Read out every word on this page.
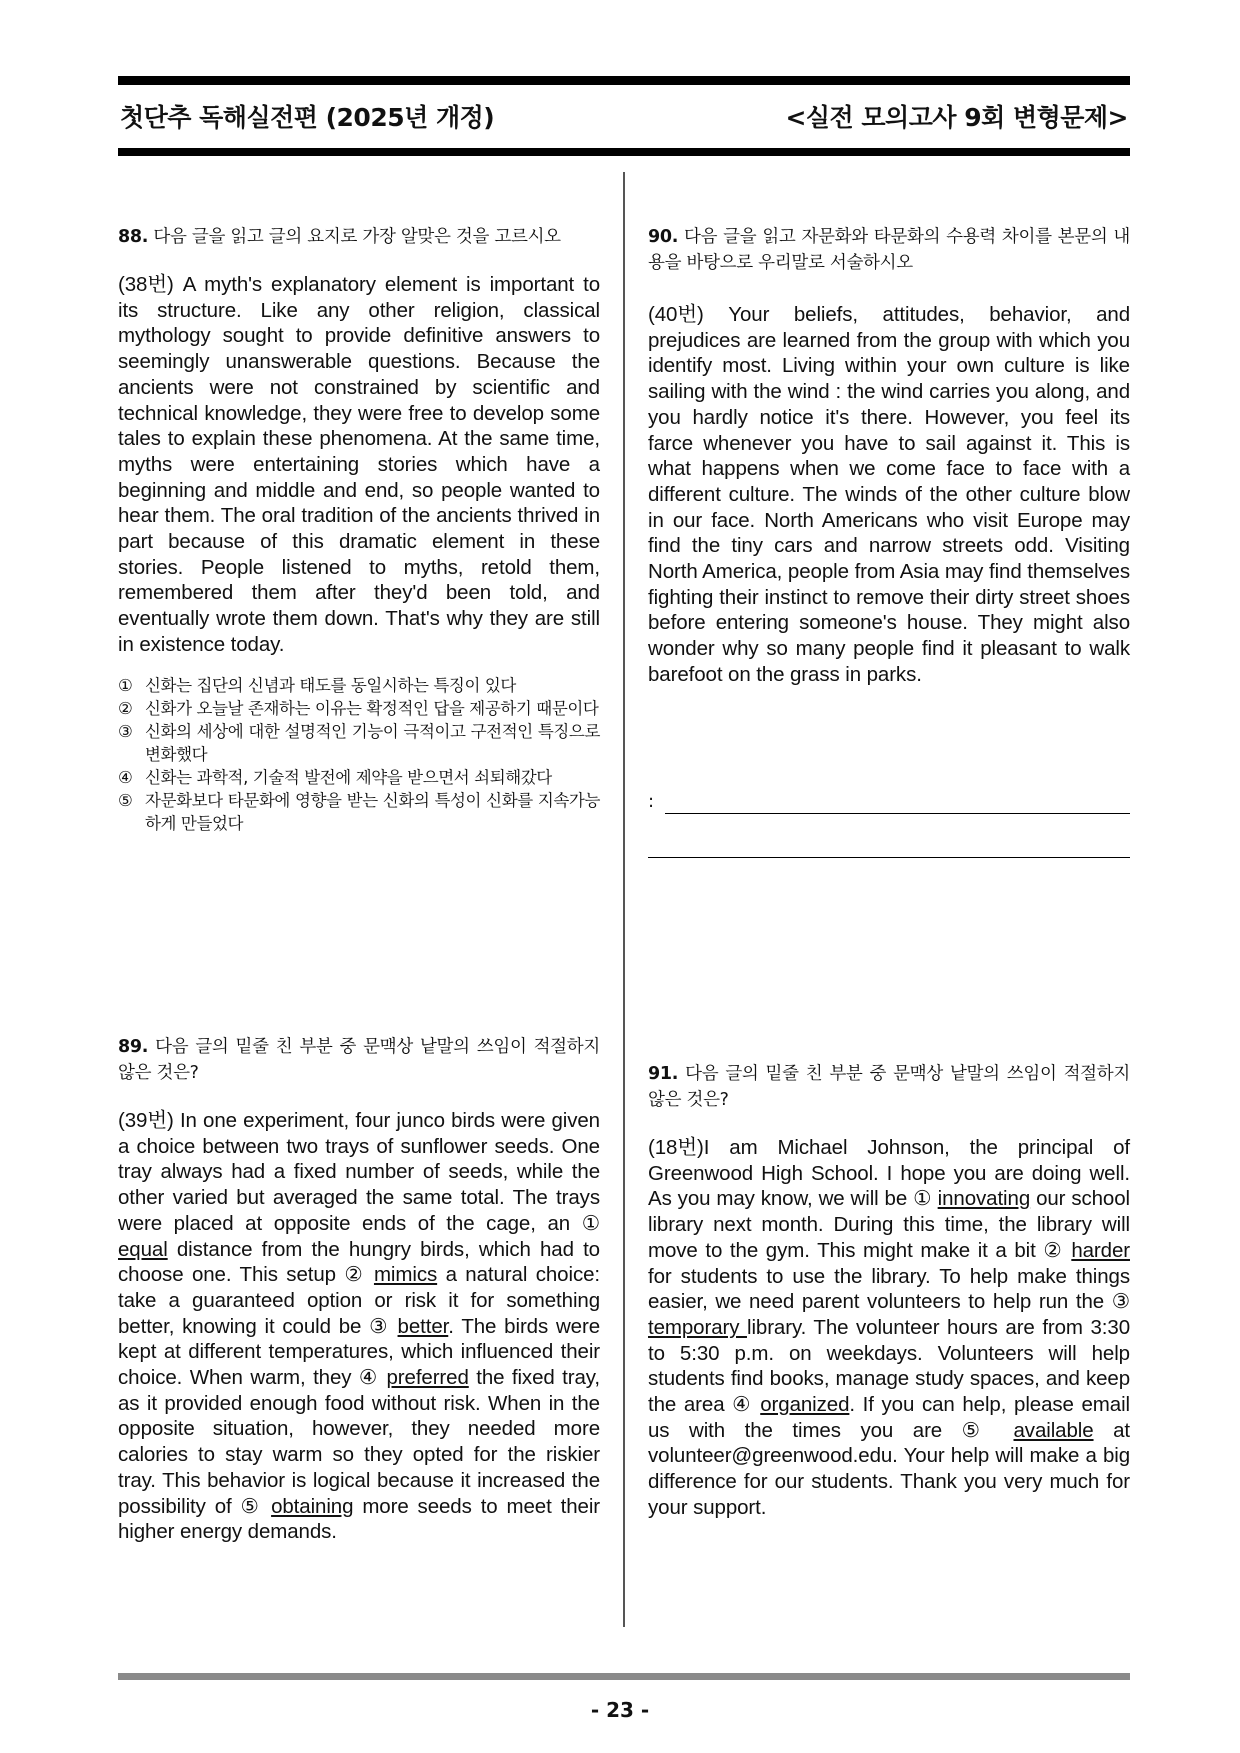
첫단추 독해실전편 (2025년 개정)	<실전 모의고사 9회 변형문제>
88. 다음 글을 읽고 글의 요지로 가장 알맞은 것을 고르시오
(38번) A myth's explanatory element is important to its structure. Like any other religion, classical mythology sought to provide definitive answers to seemingly unanswerable questions. Because the ancients were not constrained by scientific and technical knowledge, they were free to develop some tales to explain these phenomena. At the same time, myths were entertaining stories which have a beginning and middle and end, so people wanted to hear them. The oral tradition of the ancients thrived in part because of this dramatic element in these stories. People listened to myths, retold them, remembered them after they'd been told, and eventually wrote them down. That's why they are still in existence today.
① 신화는 집단의 신념과 태도를 동일시하는 특징이 있다
② 신화가 오늘날 존재하는 이유는 확정적인 답을 제공하기 때문이다
③ 신화의 세상에 대한 설명적인 기능이 극적이고 구전적인 특징으로 변화했다
④ 신화는 과학적, 기술적 발전에 제약을 받으면서 쇠퇴해갔다
⑤ 자문화보다 타문화에 영향을 받는 신화의 특성이 신화를 지속가능하게 만들었다
89. 다음 글의 밑줄 친 부분 중 문맥상 낱말의 쓰임이 적절하지 않은 것은?
(39번) In one experiment, four junco birds were given a choice between two trays of sunflower seeds. One tray always had a fixed number of seeds, while the other varied but averaged the same total. The trays were placed at opposite ends of the cage, an ① equal distance from the hungry birds, which had to choose one. This setup ② mimics a natural choice: take a guaranteed option or risk it for something better, knowing it could be ③ better. The birds were kept at different temperatures, which influenced their choice. When warm, they ④ preferred the fixed tray, as it provided enough food without risk. When in the opposite situation, however, they needed more calories to stay warm so they opted for the riskier tray. This behavior is logical because it increased the possibility of ⑤ obtaining more seeds to meet their higher energy demands.
90. 다음 글을 읽고 자문화와 타문화의 수용력 차이를 본문의 내용을 바탕으로 우리말로 서술하시오
(40번) Your beliefs, attitudes, behavior, and prejudices are learned from the group with which you identify most. Living within your own culture is like sailing with the wind : the wind carries you along, and you hardly notice it's there. However, you feel its farce whenever you have to sail against it. This is what happens when we come face to face with a different culture. The winds of the other culture blow in our face. North Americans who visit Europe may find the tiny cars and narrow streets odd. Visiting North America, people from Asia may find themselves fighting their instinct to remove their dirty street shoes before entering someone's house. They might also wonder why so many people find it pleasant to walk barefoot on the grass in parks.
:
91. 다음 글의 밑줄 친 부분 중 문맥상 낱말의 쓰임이 적절하지 않은 것은?
(18번)I am Michael Johnson, the principal of Greenwood High School. I hope you are doing well. As you may know, we will be ① innovating our school library next month. During this time, the library will move to the gym. This might make it a bit ② harder for students to use the library. To help make things easier, we need parent volunteers to help run the ③ temporary library. The volunteer hours are from 3:30 to 5:30 p.m. on weekdays. Volunteers will help students find books, manage study spaces, and keep the area ④ organized. If you can help, please email us with the times you are ⑤ available at volunteer@greenwood.edu. Your help will make a big difference for our students. Thank you very much for your support.
- 23 -
